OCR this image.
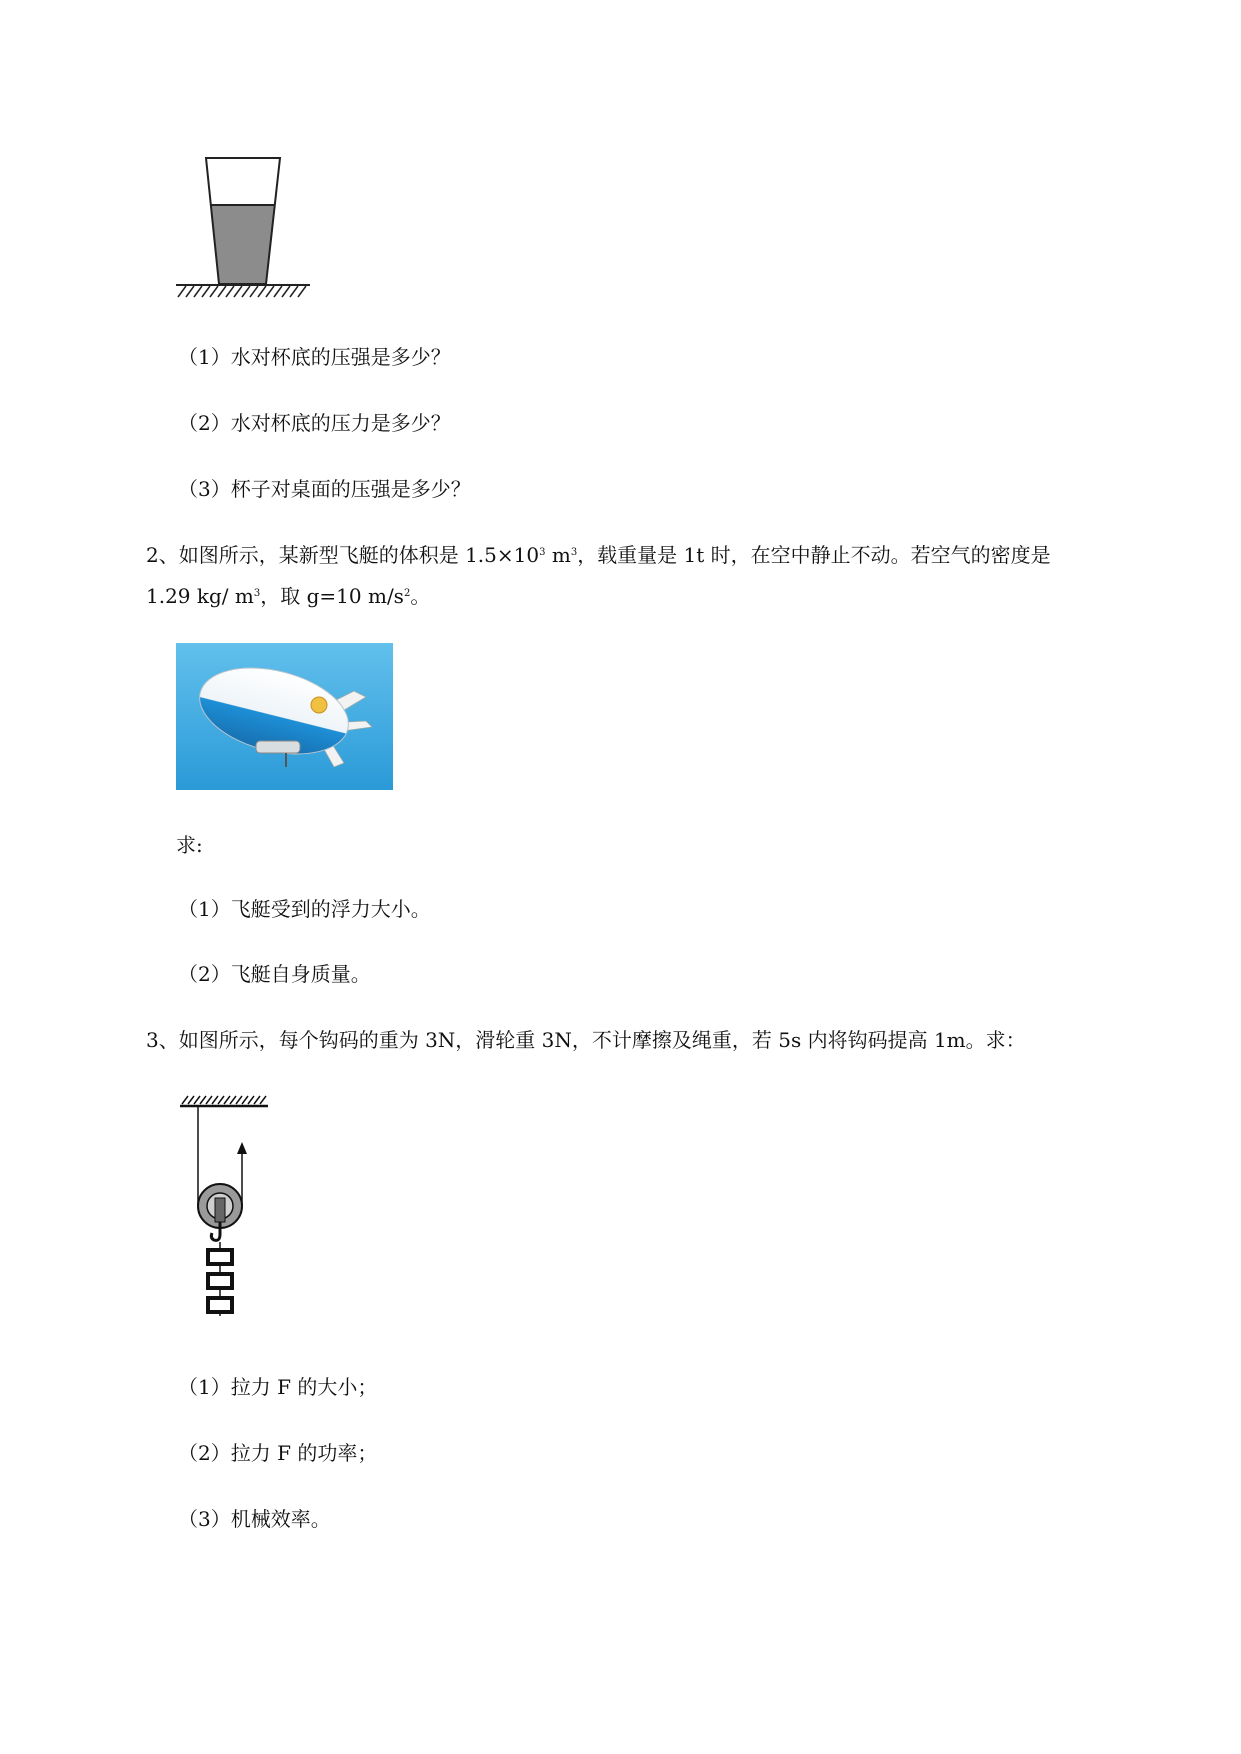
（1）水对杯底的压强是多少？
（2）水对杯底的压力是多少？
（3）杯子对桌面的压强是多少？
2、如图所示，某新型飞艇的体积是 $1.5\times 10^3$ $m^3$，载重量是 1t 时，在空中静止不动。若空气的密度是
1.29 kg/ $m^3$，取 g=10 $m/s^2$。
求:
（1）飞艇受到的浮力大小。
（2）飞艇自身质量。
3、如图所示，每个钩码的重为 3N，滑轮重 3N，不计摩擦及绳重，若 5s 内将钩码提高 1m。求：
（1）拉力 F 的大小；
（2）拉力 F 的功率；
（3）机械效率。
